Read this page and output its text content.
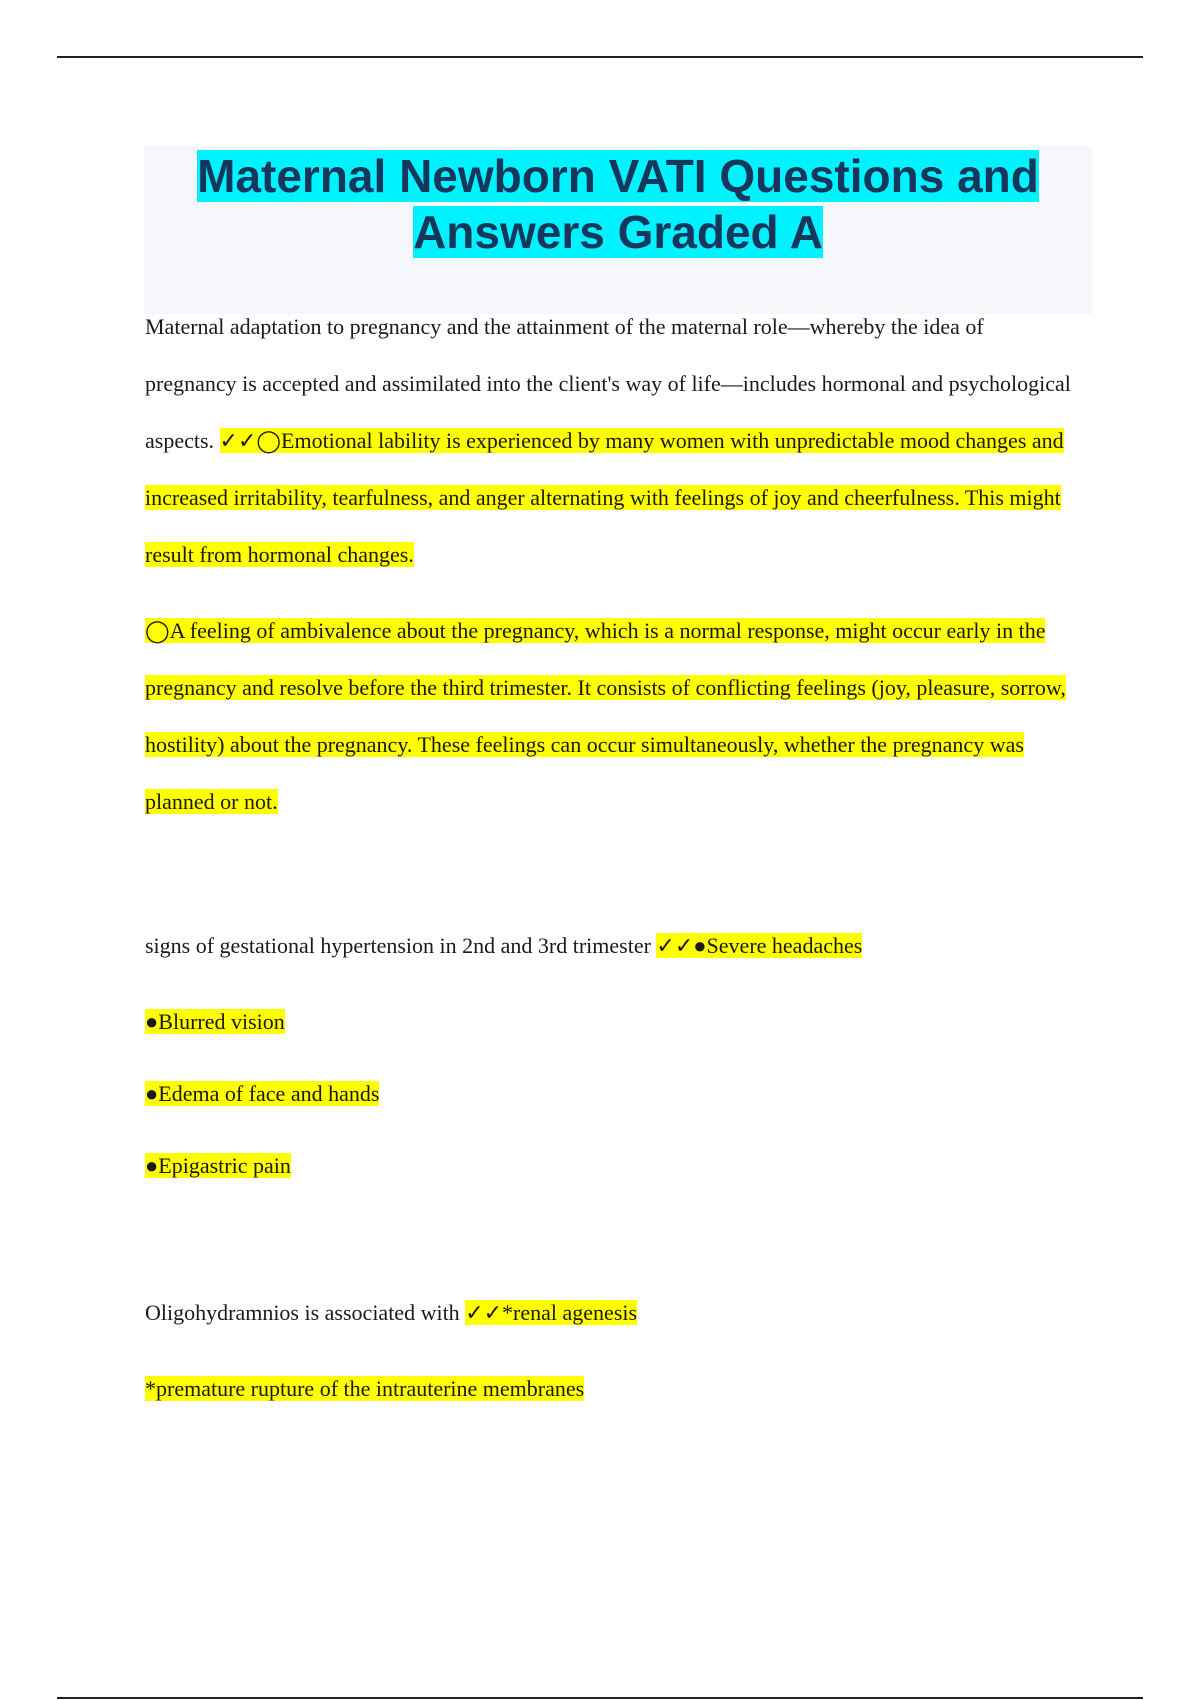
Maternal Newborn VATI Questions and Answers Graded A

Maternal adaptation to pregnancy and the attainment of the maternal role—whereby the idea of pregnancy is accepted and assimilated into the client's way of life—includes hormonal and psychological aspects. ✓✓◯Emotional lability is experienced by many women with unpredictable mood changes and increased irritability, tearfulness, and anger alternating with feelings of joy and cheerfulness. This might result from hormonal changes.

◯A feeling of ambivalence about the pregnancy, which is a normal response, might occur early in the pregnancy and resolve before the third trimester. It consists of conflicting feelings (joy, pleasure, sorrow, hostility) about the pregnancy. These feelings can occur simultaneously, whether the pregnancy was planned or not.

signs of gestational hypertension in 2nd and 3rd trimester ✓✓●Severe headaches

●Blurred vision

●Edema of face and hands

●Epigastric pain

Oligohydramnios is associated with ✓✓*renal agenesis

*premature rupture of the intrauterine membranes
